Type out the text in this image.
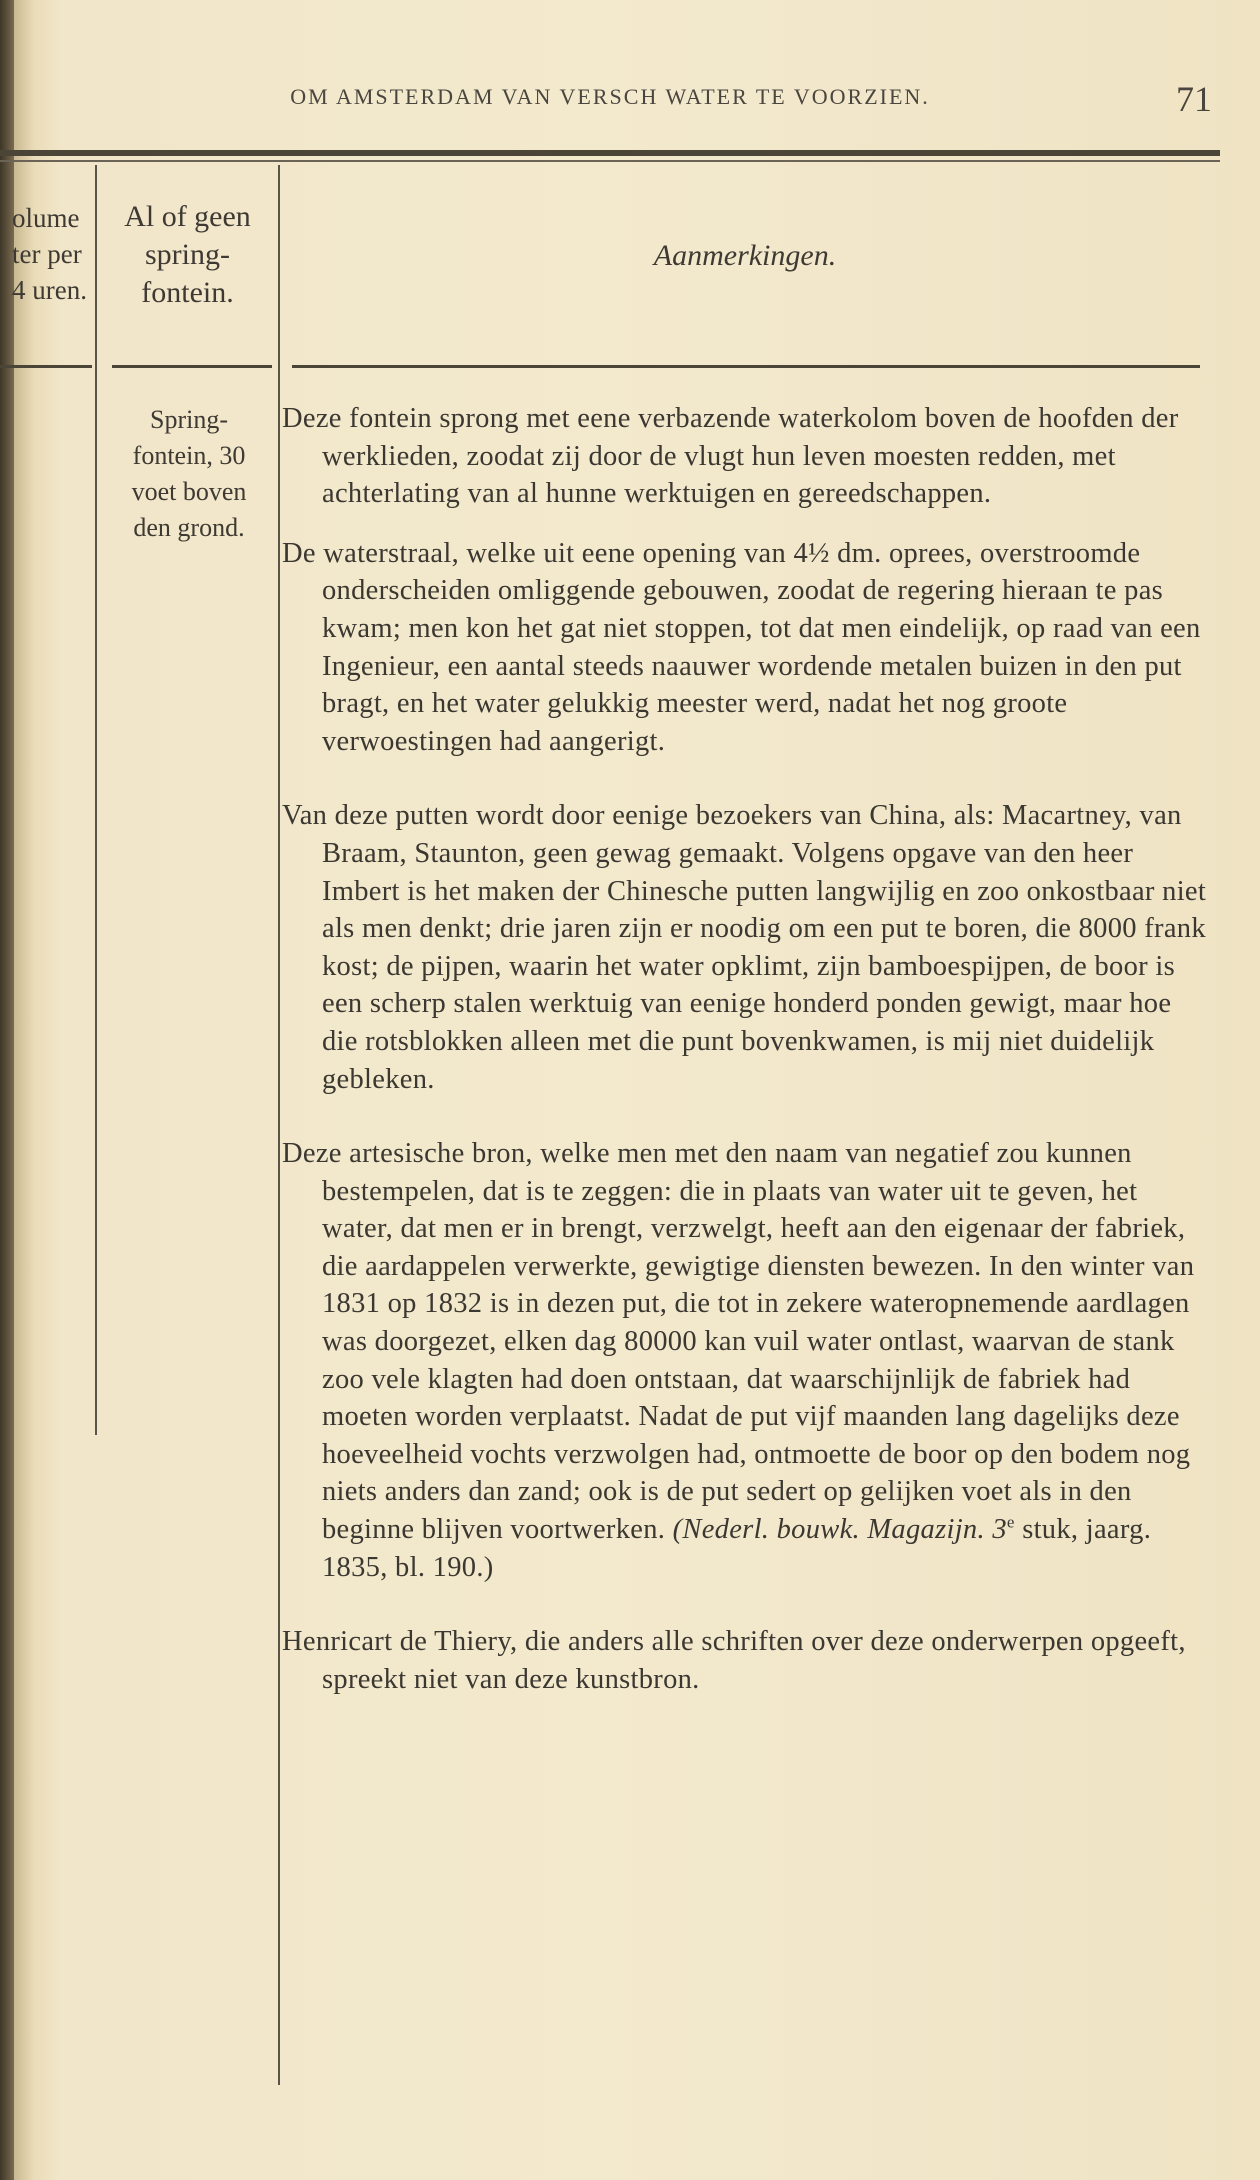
OM AMSTERDAM VAN VERSCH WATER TE VOORZIEN.	71
olume
ter per
4 uren.
Al of geen
spring-
fontein.
Aanmerkingen.
Spring-
fontein, 30
voet boven
den grond.

Deze fontein sprong met eene verbazende waterkolom boven de hoofden der werklieden, zoodat zij door de vlugt hun leven moesten redden, met achterlating van al hunne werktuigen en gereedschappen.

De waterstraal, welke uit eene opening van 4½ dm. oprees, overstroomde onderscheiden omliggende gebouwen, zoodat de regering hieraan te pas kwam; men kon het gat niet stoppen, tot dat men eindelijk, op raad van een Ingenieur, een aantal steeds naauwer wordende metalen buizen in den put bragt, en het water gelukkig meester werd, nadat het nog groote verwoestingen had aangerigt.

Van deze putten wordt door eenige bezoekers van China, als: Macartney, van Braam, Staunton, geen gewag gemaakt. Volgens opgave van den heer Imbert is het maken der Chinesche putten langwijlig en zoo onkostbaar niet als men denkt; drie jaren zijn er noodig om een put te boren, die 8000 frank kost; de pijpen, waarin het water opklimt, zijn bamboespijpen, de boor is een scherp stalen werktuig van eenige honderd ponden gewigt, maar hoe die rotsblokken alleen met die punt bovenkwamen, is mij niet duidelijk gebleken.

Deze artesische bron, welke men met den naam van negatief zou kunnen bestempelen, dat is te zeggen: die in plaats van water uit te geven, het water, dat men er in brengt, verzwelgt, heeft aan den eigenaar der fabriek, die aardappelen verwerkte, gewigtige diensten bewezen. In den winter van 1831 op 1832 is in dezen put, die tot in zekere wateropnemende aardlagen was doorgezet, elken dag 80000 kan vuil water ontlast, waarvan de stank zoo vele klagten had doen ontstaan, dat waarschijnlijk de fabriek had moeten worden verplaatst. Nadat de put vijf maanden lang dagelijks deze hoeveelheid vochts verzwolgen had, ontmoette de boor op den bodem nog niets anders dan zand; ook is de put sedert op gelijken voet als in den beginne blijven voortwerken. (Nederl. bouwk. Magazijn. 3e stuk, jaarg. 1835, bl. 190.)

Henricart de Thiery, die anders alle schriften over deze onderwerpen opgeeft, spreekt niet van deze kunstbron.
